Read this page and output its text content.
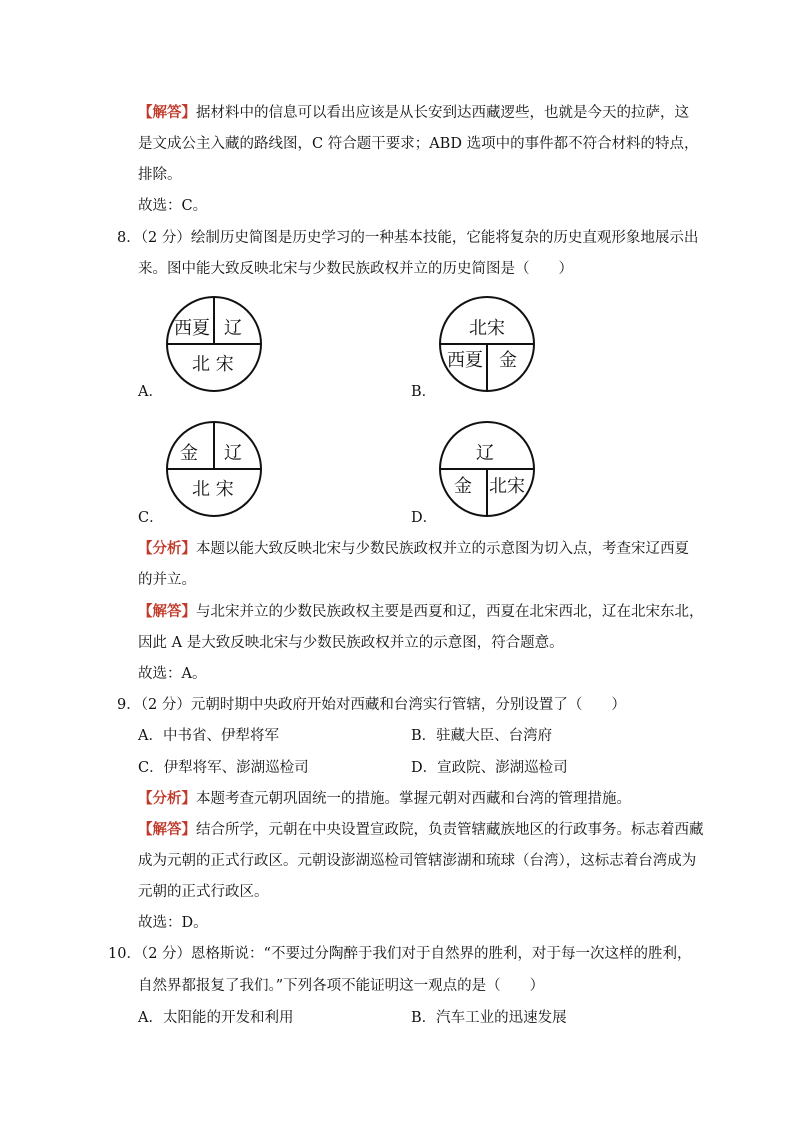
【解答】据材料中的信息可以看出应该是从长安到达西藏逻些，也就是今天的拉萨，这
是文成公主入藏的路线图，C 符合题干要求；ABD 选项中的事件都不符合材料的特点，
排除。
故选：C。
8．（2 分）绘制历史简图是历史学习的一种基本技能，它能将复杂的历史直观形象地展示出
来。图中能大致反映北宋与少数民族政权并立的历史简图是（　　）
西夏 辽
北 宋
A．
北宋
西夏 金
B．
金 辽
北 宋
C．
辽
金 北宋
D．
【分析】本题以能大致反映北宋与少数民族政权并立的示意图为切入点，考查宋辽西夏
的并立。
【解答】与北宋并立的少数民族政权主要是西夏和辽，西夏在北宋西北，辽在北宋东北，
因此 A 是大致反映北宋与少数民族政权并立的示意图，符合题意。
故选：A。
9．（2 分）元朝时期中央政府开始对西藏和台湾实行管辖，分别设置了（　　）
A．中书省、伊犁将军	B．驻藏大臣、台湾府
C．伊犁将军、澎湖巡检司	D．宣政院、澎湖巡检司
【分析】本题考查元朝巩固统一的措施。掌握元朝对西藏和台湾的管理措施。
【解答】结合所学，元朝在中央设置宣政院，负责管辖藏族地区的行政事务。标志着西藏
成为元朝的正式行政区。元朝设澎湖巡检司管辖澎湖和琉球（台湾），这标志着台湾成为
元朝的正式行政区。
故选：D。
10．（2 分）恩格斯说：“不要过分陶醉于我们对于自然界的胜利，对于每一次这样的胜利，
自然界都报复了我们。”下列各项不能证明这一观点的是（　　）
A．太阳能的开发和利用	B．汽车工业的迅速发展
